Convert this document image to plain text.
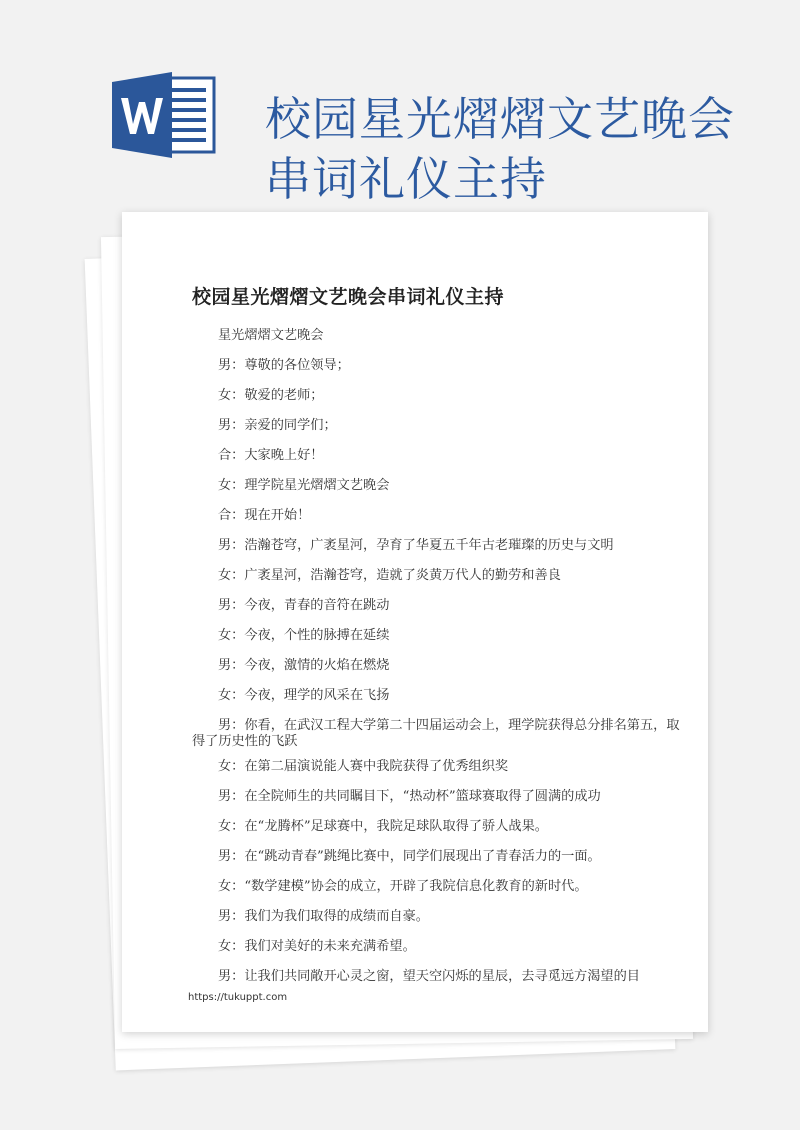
校园星光熠熠文艺晚会
串词礼仪主持
校园星光熠熠文艺晚会串词礼仪主持

星光熠熠文艺晚会

男：尊敬的各位领导；

女：敬爱的老师；

男：亲爱的同学们；

合：大家晚上好！

女：理学院星光熠熠文艺晚会

合：现在开始！

男：浩瀚苍穹，广袤星河，孕育了华夏五千年古老璀璨的历史与文明

女：广袤星河，浩瀚苍穹，造就了炎黄万代人的勤劳和善良

男：今夜，青春的音符在跳动

女：今夜，个性的脉搏在延续

男：今夜，激情的火焰在燃烧

女：今夜，理学的风采在飞扬

男：你看，在武汉工程大学第二十四届运动会上，理学院获得总分排名第五，取得了历史性的飞跃

女：在第二届演说能人赛中我院获得了优秀组织奖

男：在全院师生的共同瞩目下，“热动杯”篮球赛取得了圆满的成功

女：在“龙腾杯”足球赛中，我院足球队取得了骄人战果。

男：在“跳动青春”跳绳比赛中，同学们展现出了青春活力的一面。

女：“数学建模”协会的成立，开辟了我院信息化教育的新时代。

男：我们为我们取得的成绩而自豪。

女：我们对美好的未来充满希望。

男：让我们共同敞开心灵之窗，望天空闪烁的星辰，去寻觅远方渴望的目

https://tukuppt.com
